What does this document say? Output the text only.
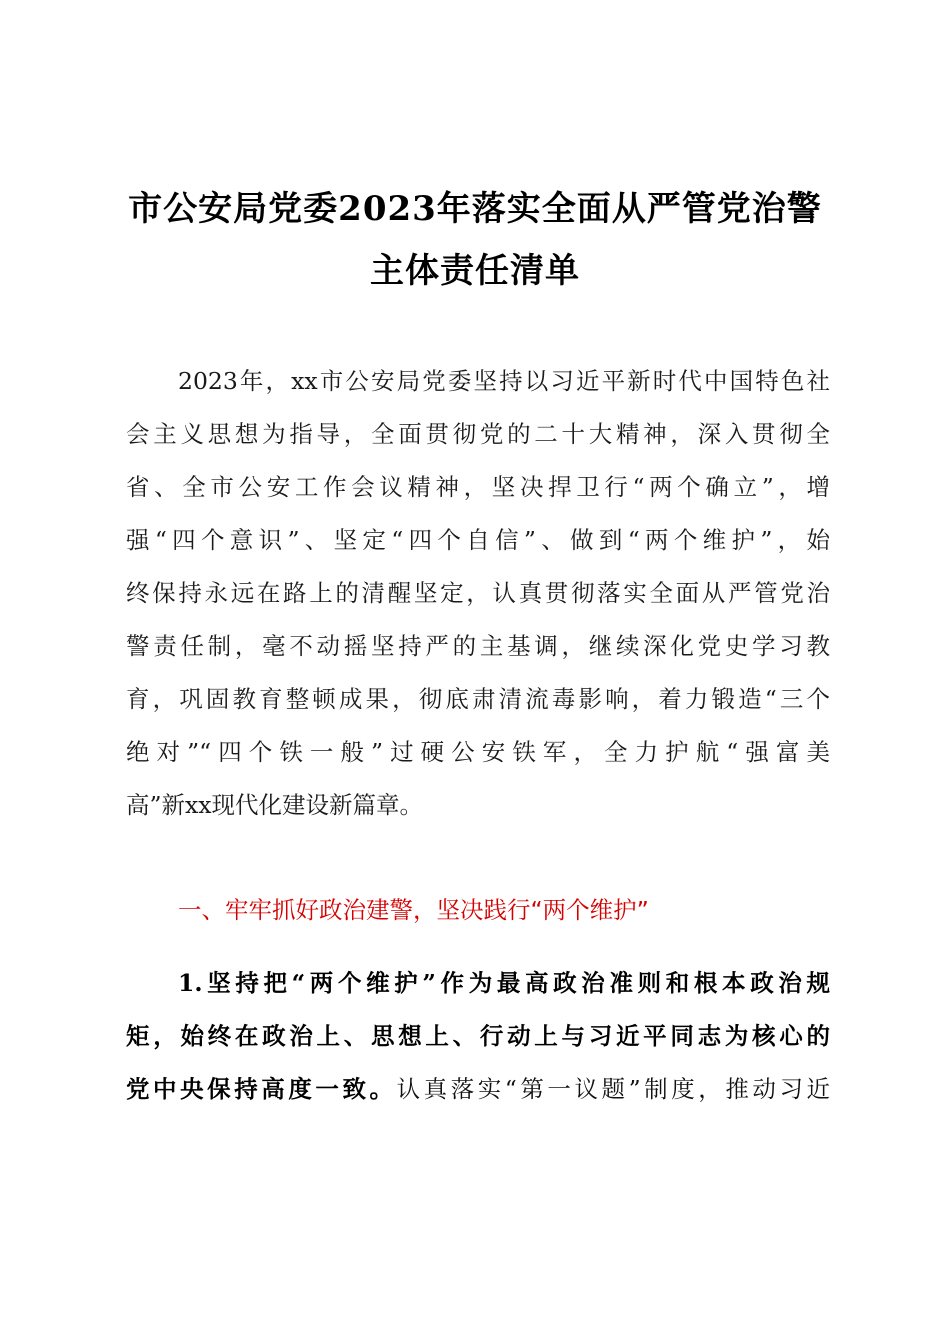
市公安局党委2023年落实全面从严管党治警
主体责任清单
2023年，xx市公安局党委坚持以习近平新时代中国特色社
会主义思想为指导，全面贯彻党的二十大精神，深入贯彻全
省、全市公安工作会议精神，坚决捍卫行“两个确立”，增
强“四个意识”、坚定“四个自信”、做到“两个维护”，始
终保持永远在路上的清醒坚定，认真贯彻落实全面从严管党治
警责任制，毫不动摇坚持严的主基调，继续深化党史学习教
育，巩固教育整顿成果，彻底肃清流毒影响，着力锻造“三个
绝对”“四个铁一般”过硬公安铁军，全力护航“强富美
高”新xx现代化建设新篇章。
一、牢牢抓好政治建警，坚决践行“两个维护”
1.坚持把“两个维护”作为最高政治准则和根本政治规
矩，始终在政治上、思想上、行动上与习近平同志为核心的
党中央保持高度一致。认真落实“第一议题”制度，推动习近
